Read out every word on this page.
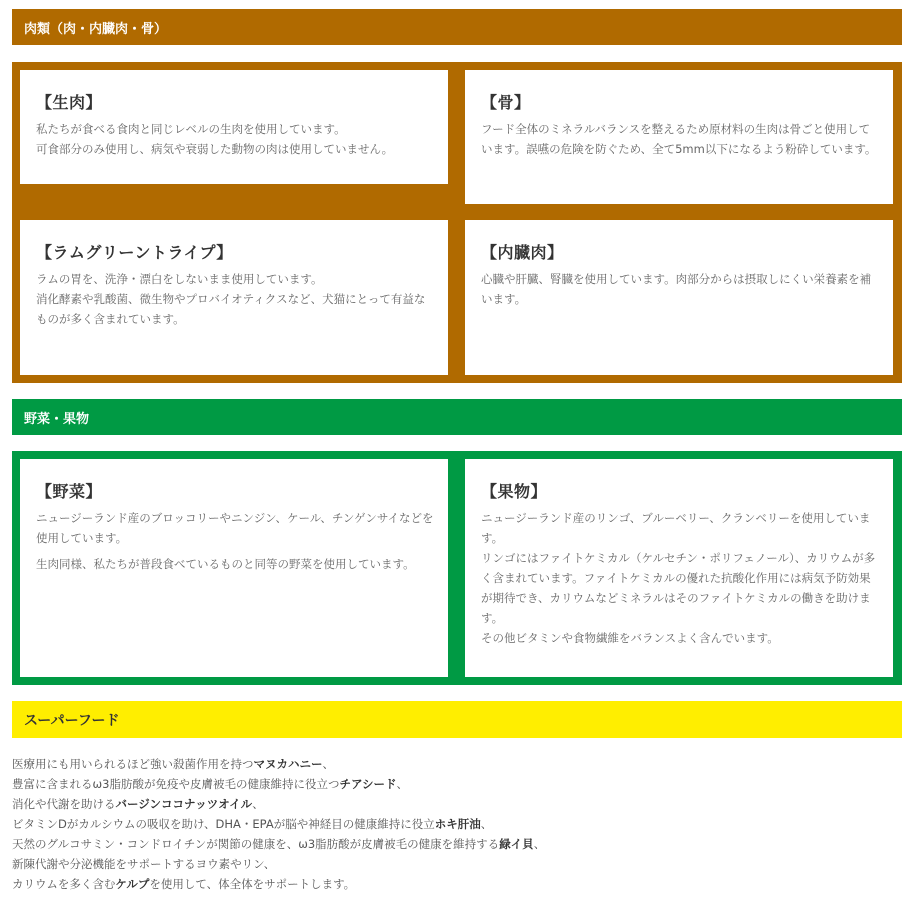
肉類（肉・内臓肉・骨）
【生肉】

私たちが食べる食肉と同じレベルの生肉を使用しています。

可食部分のみ使用し、病気や衰弱した動物の肉は使用していません。

【骨】

フード全体のミネラルバランスを整えるため原材料の生肉は骨ごと使用しています。誤嚥の危険を防ぐため、全て5mm以下になるよう粉砕しています。

【ラムグリーントライプ】

ラムの胃を、洗浄・漂白をしないまま使用しています。

消化酵素や乳酸菌、微生物やプロバイオティクスなど、犬猫にとって有益なものが多く含まれています。

【内臓肉】

心臓や肝臓、腎臓を使用しています。肉部分からは摂取しにくい栄養素を補います。

野菜・果物
【野菜】

ニュージーランド産のブロッコリーやニンジン、ケール、チンゲンサイなどを使用しています。

生肉同様、私たちが普段食べているものと同等の野菜を使用しています。

【果物】

ニュージーランド産のリンゴ、ブルーベリー、クランベリーを使用しています。

リンゴにはファイトケミカル（ケルセチン・ポリフェノール）、カリウムが多く含まれています。ファイトケミカルの優れた抗酸化作用には病気予防効果が期待でき、カリウムなどミネラルはそのファイトケミカルの働きを助けます。

その他ビタミンや食物繊維をバランスよく含んでいます。

スーパーフード
医療用にも用いられるほど強い殺菌作用を持つマヌカハニー、
豊富に含まれるω3脂肪酸が免疫や皮膚被毛の健康維持に役立つチアシード、
消化や代謝を助けるバージンココナッツオイル、
ビタミンDがカルシウムの吸収を助け、DHA・EPAが脳や神経目の健康維持に役立ホキ肝油、
天然のグルコサミン・コンドロイチンが関節の健康を、ω3脂肪酸が皮膚被毛の健康を維持する緑イ貝、
新陳代謝や分泌機能をサポートするヨウ素やリン、
カリウムを多く含むケルプを使用して、体全体をサポートします。
